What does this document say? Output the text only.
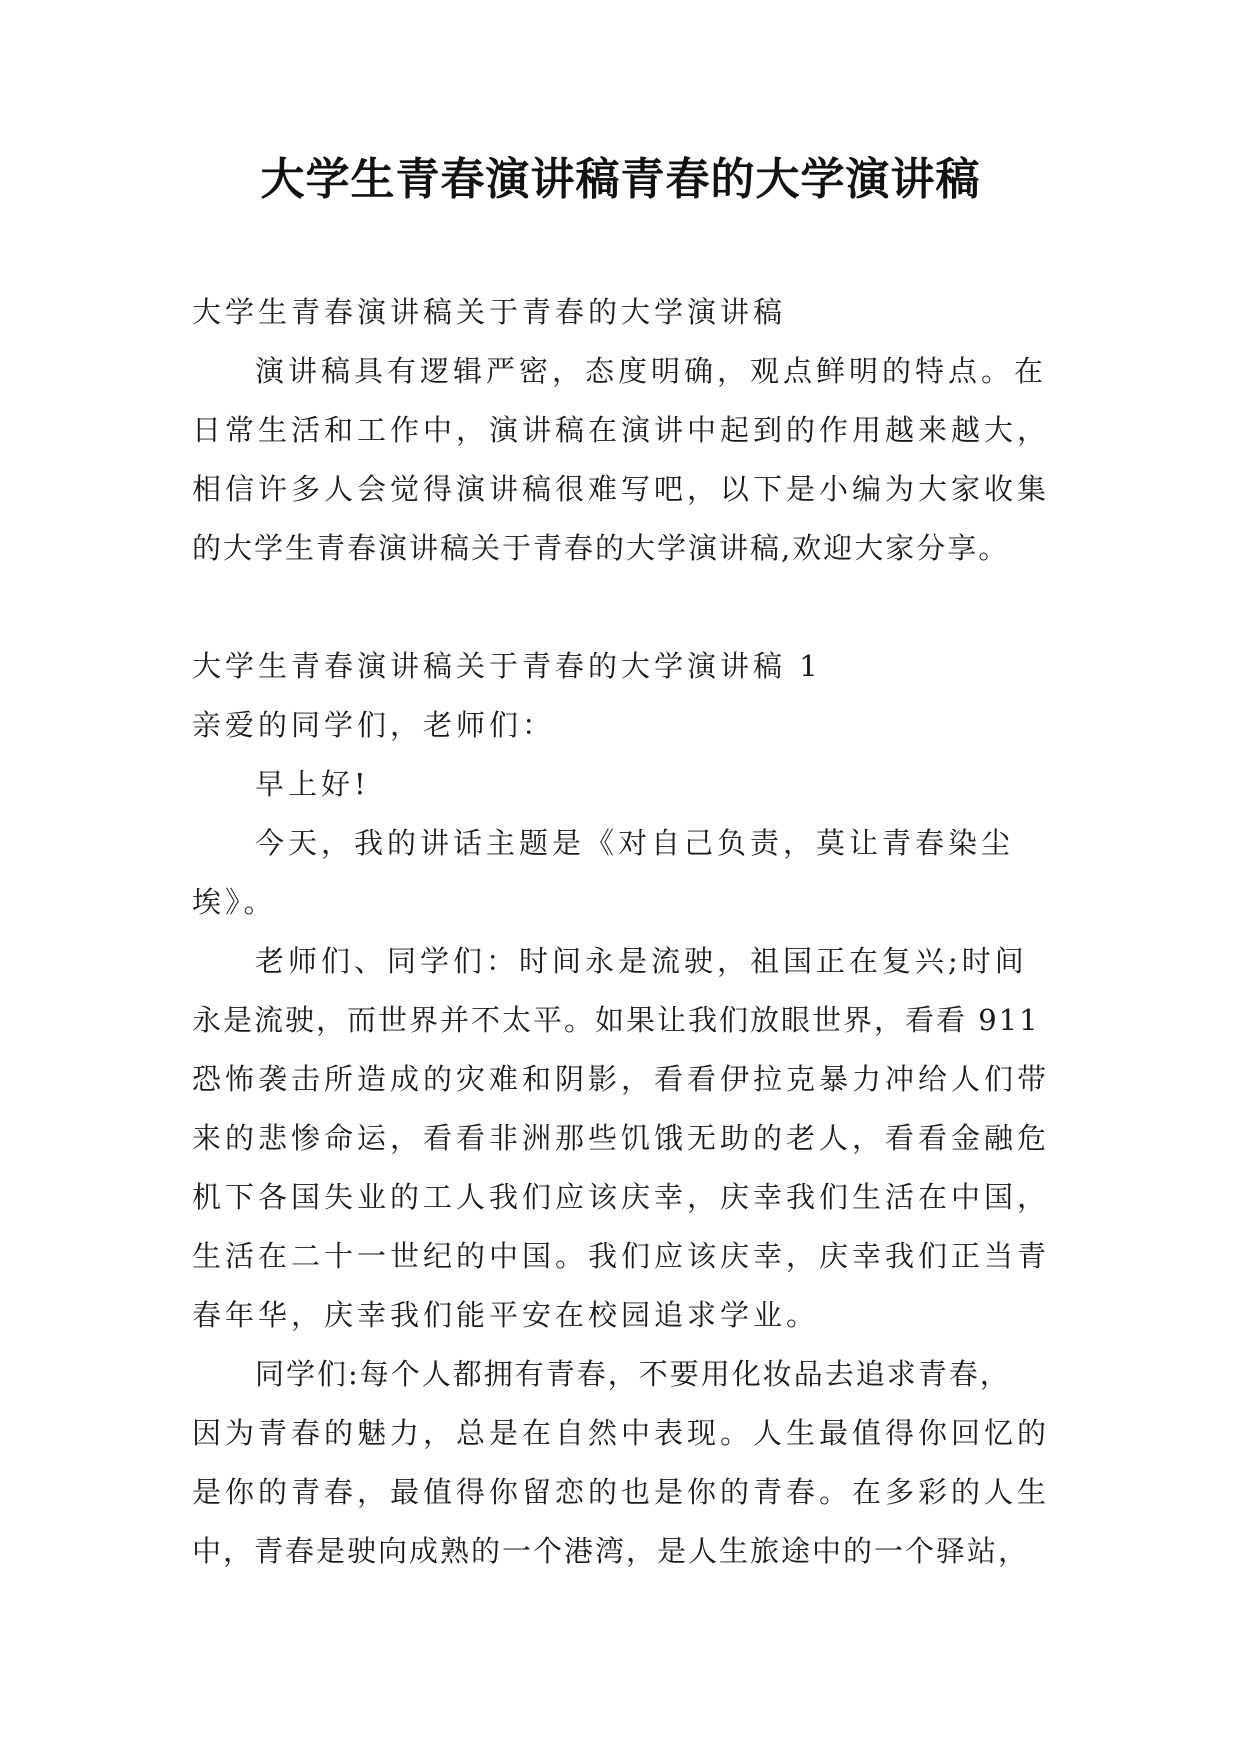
大学生青春演讲稿青春的大学演讲稿
大学生青春演讲稿关于青春的大学演讲稿
演讲稿具有逻辑严密，态度明确，观点鲜明的特点。在
日常生活和工作中，演讲稿在演讲中起到的作用越来越大，
相信许多人会觉得演讲稿很难写吧，以下是小编为大家收集
的大学生青春演讲稿关于青春的大学演讲稿,欢迎大家分享。
大学生青春演讲稿关于青春的大学演讲稿 1
亲爱的同学们，老师们：
早上好!
今天，我的讲话主题是《对自己负责，莫让青春染尘
埃》。
老师们、同学们：时间永是流驶，祖国正在复兴;时间
永是流驶，而世界并不太平。如果让我们放眼世界，看看 911
恐怖袭击所造成的灾难和阴影，看看伊拉克暴力冲给人们带
来的悲惨命运，看看非洲那些饥饿无助的老人，看看金融危
机下各国失业的工人我们应该庆幸，庆幸我们生活在中国，
生活在二十一世纪的中国。我们应该庆幸，庆幸我们正当青
春年华，庆幸我们能平安在校园追求学业。
同学们:每个人都拥有青春，不要用化妆品去追求青春，
因为青春的魅力，总是在自然中表现。人生最值得你回忆的
是你的青春，最值得你留恋的也是你的青春。在多彩的人生
中，青春是驶向成熟的一个港湾，是人生旅途中的一个驿站，
